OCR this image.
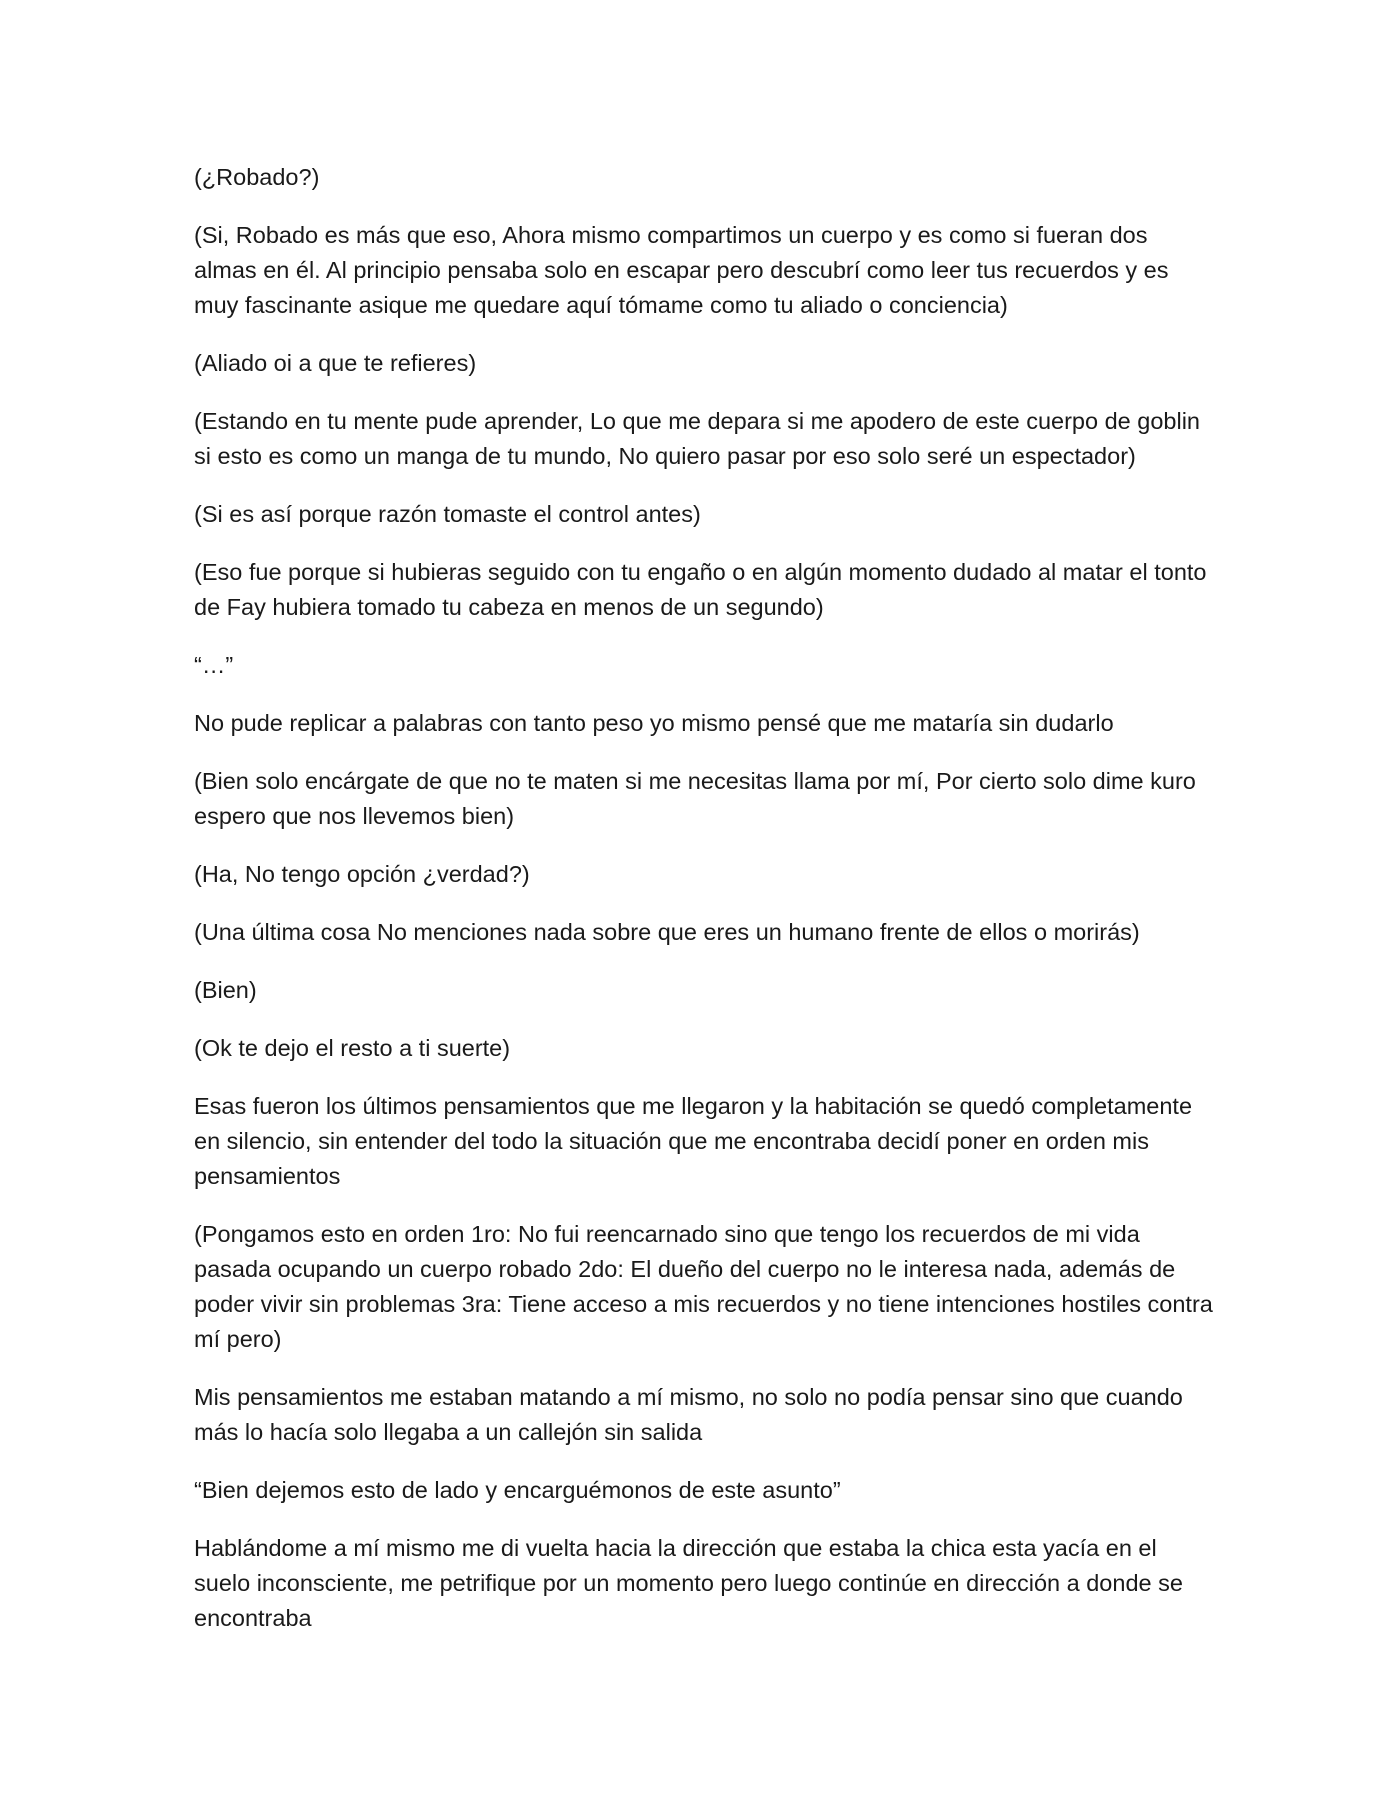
(¿Robado?)

(Si, Robado es más que eso, Ahora mismo compartimos un cuerpo y es como si fueran dos almas en él. Al principio pensaba solo en escapar pero descubrí como leer tus recuerdos y es muy fascinante asique me quedare aquí tómame como tu aliado o conciencia)

(Aliado oi a que te refieres)

(Estando en tu mente pude aprender, Lo que me depara si me apodero de este cuerpo de goblin si esto es como un manga de tu mundo, No quiero pasar por eso solo seré un espectador)

(Si es así porque razón tomaste el control antes)

(Eso fue porque si hubieras seguido con tu engaño o en algún momento dudado al matar el tonto de Fay hubiera tomado tu cabeza en menos de un segundo)

“…”

No pude replicar a palabras con tanto peso yo mismo pensé que me mataría sin dudarlo

(Bien solo encárgate de que no te maten si me necesitas llama por mí, Por cierto solo dime kuro espero que nos llevemos bien)

(Ha, No tengo opción ¿verdad?)

(Una última cosa No menciones nada sobre que eres un humano frente de ellos o morirás)

(Bien)

(Ok te dejo el resto a ti suerte)

Esas fueron los últimos pensamientos que me llegaron y la habitación se quedó completamente en silencio, sin entender del todo la situación que me encontraba decidí poner en orden mis pensamientos

(Pongamos esto en orden 1ro: No fui reencarnado sino que tengo los recuerdos de mi vida pasada ocupando un cuerpo robado 2do: El dueño del cuerpo no le interesa nada, además de poder vivir sin problemas 3ra: Tiene acceso a mis recuerdos y no tiene intenciones hostiles contra mí pero)

Mis pensamientos me estaban matando a mí mismo, no solo no podía pensar sino que cuando más lo hacía solo llegaba a un callejón sin salida

“Bien dejemos esto de lado y encarguémonos de este asunto”

Hablándome a mí mismo me di vuelta hacia la dirección que estaba la chica esta yacía en el suelo inconsciente, me petrifique por un momento pero luego continúe en dirección a donde se encontraba
